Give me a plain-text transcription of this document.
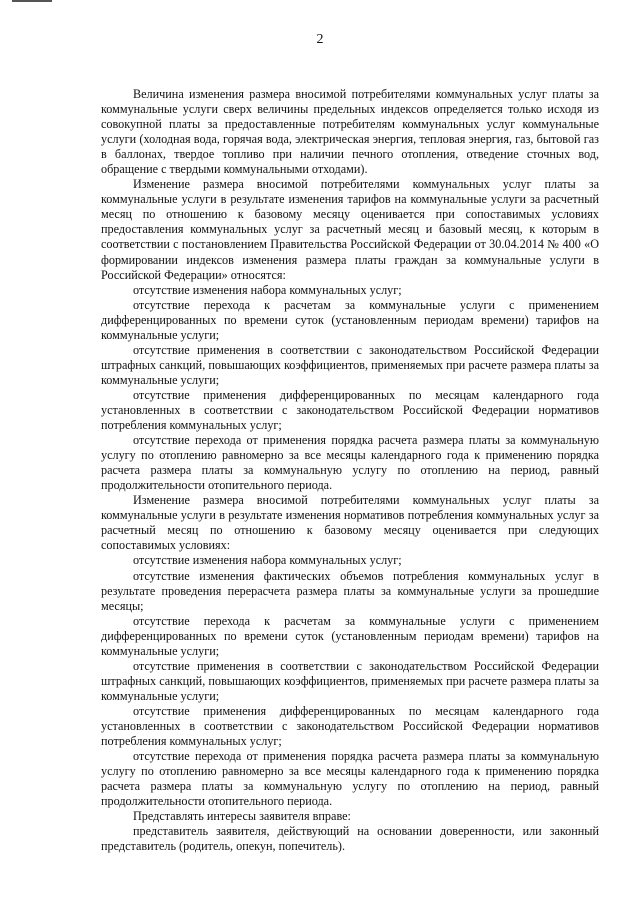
2

Величина изменения размера вносимой потребителями коммунальных услуг платы за коммунальные услуги сверх величины предельных индексов определяется только исходя из совокупной платы за предоставленные потребителям коммунальных услуг коммунальные услуги (холодная вода, горячая вода, электрическая энергия, тепловая энергия, газ, бытовой газ в баллонах, твердое топливо при наличии печного отопления, отведение сточных вод, обращение с твердыми коммунальными отходами).

Изменение размера вносимой потребителями коммунальных услуг платы за коммунальные услуги в результате изменения тарифов на коммунальные услуги за расчетный месяц по отношению к базовому месяцу оценивается при сопоставимых условиях предоставления коммунальных услуг за расчетный месяц и базовый месяц, к которым в соответствии с постановлением Правительства Российской Федерации от 30.04.2014 № 400 «О формировании индексов изменения размера платы граждан за коммунальные услуги в Российской Федерации» относятся:

отсутствие изменения набора коммунальных услуг;

отсутствие перехода к расчетам за коммунальные услуги с применением дифференцированных по времени суток (установленным периодам времени) тарифов на коммунальные услуги;

отсутствие применения в соответствии с законодательством Российской Федерации штрафных санкций, повышающих коэффициентов, применяемых при расчете размера платы за коммунальные услуги;

отсутствие применения дифференцированных по месяцам календарного года установленных в соответствии с законодательством Российской Федерации нормативов потребления коммунальных услуг;

отсутствие перехода от применения порядка расчета размера платы за коммунальную услугу по отоплению равномерно за все месяцы календарного года к применению порядка расчета размера платы за коммунальную услугу по отоплению на период, равный продолжительности отопительного периода.

Изменение размера вносимой потребителями коммунальных услуг платы за коммунальные услуги в результате изменения нормативов потребления коммунальных услуг за расчетный месяц по отношению к базовому месяцу оценивается при следующих сопоставимых условиях:

отсутствие изменения набора коммунальных услуг;

отсутствие изменения фактических объемов потребления коммунальных услуг в результате проведения перерасчета размера платы за коммунальные услуги за прошедшие месяцы;

отсутствие перехода к расчетам за коммунальные услуги с применением дифференцированных по времени суток (установленным периодам времени) тарифов на коммунальные услуги;

отсутствие применения в соответствии с законодательством Российской Федерации штрафных санкций, повышающих коэффициентов, применяемых при расчете размера платы за коммунальные услуги;

отсутствие применения дифференцированных по месяцам календарного года установленных в соответствии с законодательством Российской Федерации нормативов потребления коммунальных услуг;

отсутствие перехода от применения порядка расчета размера платы за коммунальную услугу по отоплению равномерно за все месяцы календарного года к применению порядка расчета размера платы за коммунальную услугу по отоплению на период, равный продолжительности отопительного периода.

Представлять интересы заявителя вправе:

представитель заявителя, действующий на основании доверенности, или законный представитель (родитель, опекун, попечитель).
